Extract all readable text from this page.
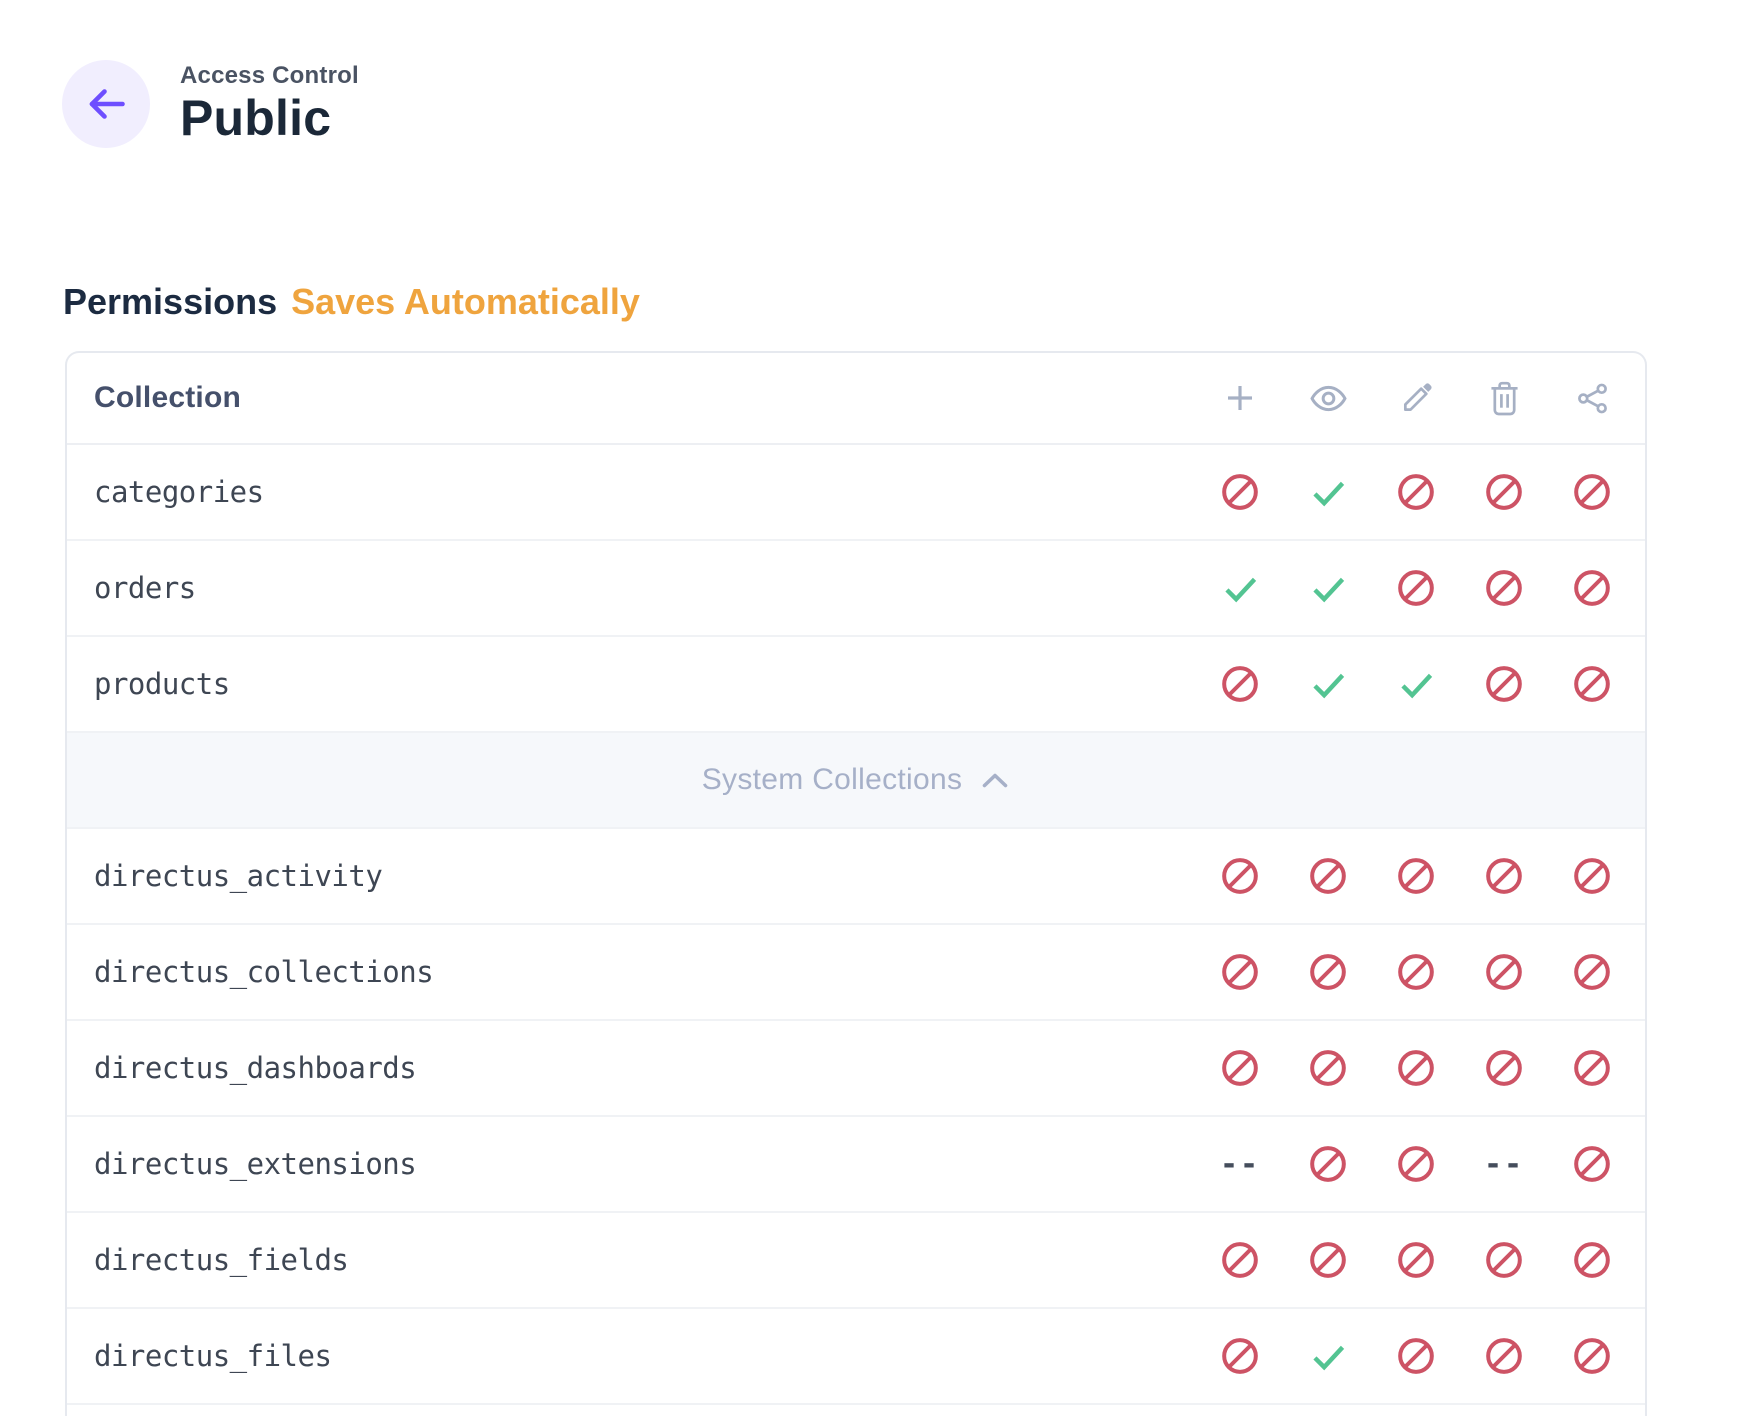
Access Control
Public
Permissions Saves Automatically
Collection
categories
orders
products
System Collections
directus_activity
directus_collections
directus_dashboards
directus_extensions	--	--
directus_fields
directus_files
